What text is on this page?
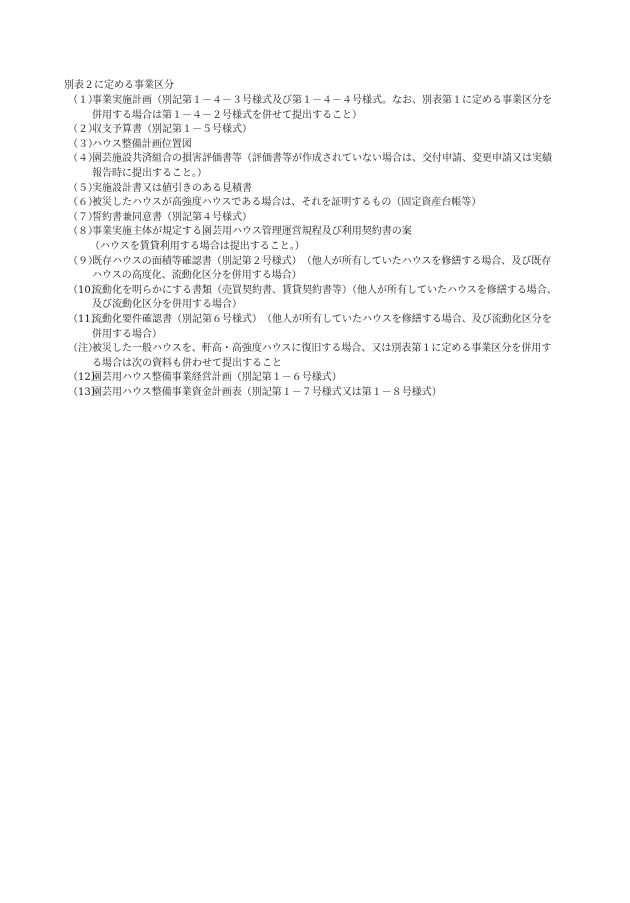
別表２に定める事業区分
（１）
事業実施計画（別記第１－４－３号様式及び第１－４－４号様式。なお、別表第１に定める事業区分を
併用する場合は第１－４－２号様式を併せて提出すること）
（２）
収支予算書（別記第１－５号様式）
（３）
ハウス整備計画位置図
（４）
園芸施設共済組合の損害評価書等（評価書等が作成されていない場合は、交付申請、変更申請又は実績
報告時に提出すること。）
（５）
実施設計書又は値引きのある見積書
（６）
被災したハウスが高強度ハウスである場合は、それを証明するもの（固定資産台帳等）
（７）
誓約書兼同意書（別記第４号様式）
（８）
事業実施主体が規定する園芸用ハウス管理運営規程及び利用契約書の案
（ハウスを賃貸利用する場合は提出すること。）
（９）
既存ハウスの面積等確認書（別記第２号様式）　（他人が所有していたハウスを修繕する場合、及び既存
ハウスの高度化、流動化区分を併用する場合）
（10）
流動化を明らかにする書類（売買契約書、賃貸契約書等）（他人が所有していたハウスを修繕する場合、
及び流動化区分を併用する場合）
（11）
流動化要件確認書（別記第６号様式）　（他人が所有していたハウスを修繕する場合、及び流動化区分を
併用する場合）
（注）
被災した一般ハウスを、軒高・高強度ハウスに復旧する場合、又は別表第１に定める事業区分を併用す
る場合は次の資料も併わせて提出すること
（12）
園芸用ハウス整備事業経営計画（別記第１－６号様式）
（13）
園芸用ハウス整備事業資金計画表（別記第１－７号様式又は第１－８号様式）
